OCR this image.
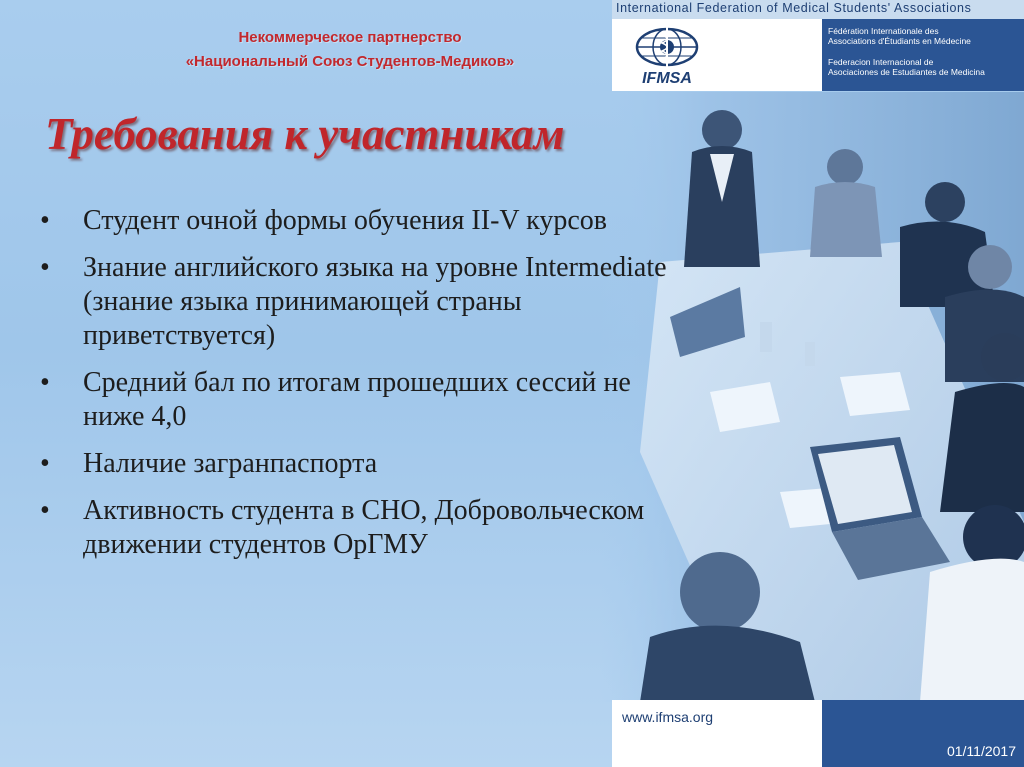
Некоммерческое партнерство
«Национальный Союз Студентов-Медиков»
International Federation of Medical Students' Associations
IFMSA
Fédération Internationale des
Associations d'Étudiants en Médecine
Federacion Internacional de
Asociaciones de Estudiantes de Medicina
Требования к участникам
• Студент очной формы обучения II-V курсов
• Знание английского языка на уровне Intermediate (знание языка принимающей страны приветствуется)
• Средний бал по итогам прошедших сессий не ниже 4,0
• Наличие загранпаспорта
• Активность студента в СНО, Добровольческом движении студентов ОрГМУ
www.ifmsa.org
01/11/2017
